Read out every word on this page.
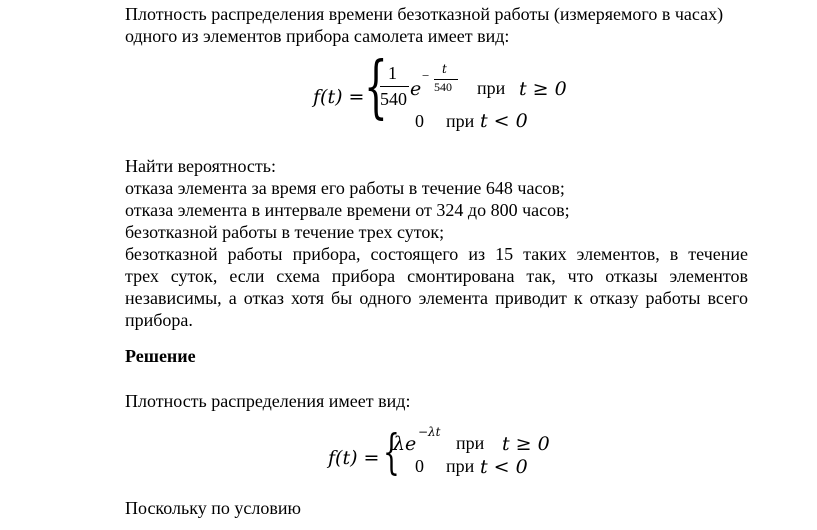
Плотность распределения времени безотказной работы (измеряемого в часах)
одного из элементов прибора самолета имеет вид:
f(t) = { 1
540 e
− t
540 при t ≥ 0
0 при t < 0
Найти вероятность:
отказа элемента за время его работы в течение 648 часов;
отказа элемента в интервале времени от 324 до 800 часов;
безотказной работы в течение трех суток;
безотказной работы прибора, состоящего из 15 таких элементов, в течение
трех суток, если схема прибора смонтирована так, что отказы элементов
независимы, а отказ хотя бы одного элемента приводит к отказу работы всего
прибора.
Решение
Плотность распределения имеет вид:
f(t) = {
λe
−λt
при t ≥ 0
0 при t < 0
Поскольку по условию
